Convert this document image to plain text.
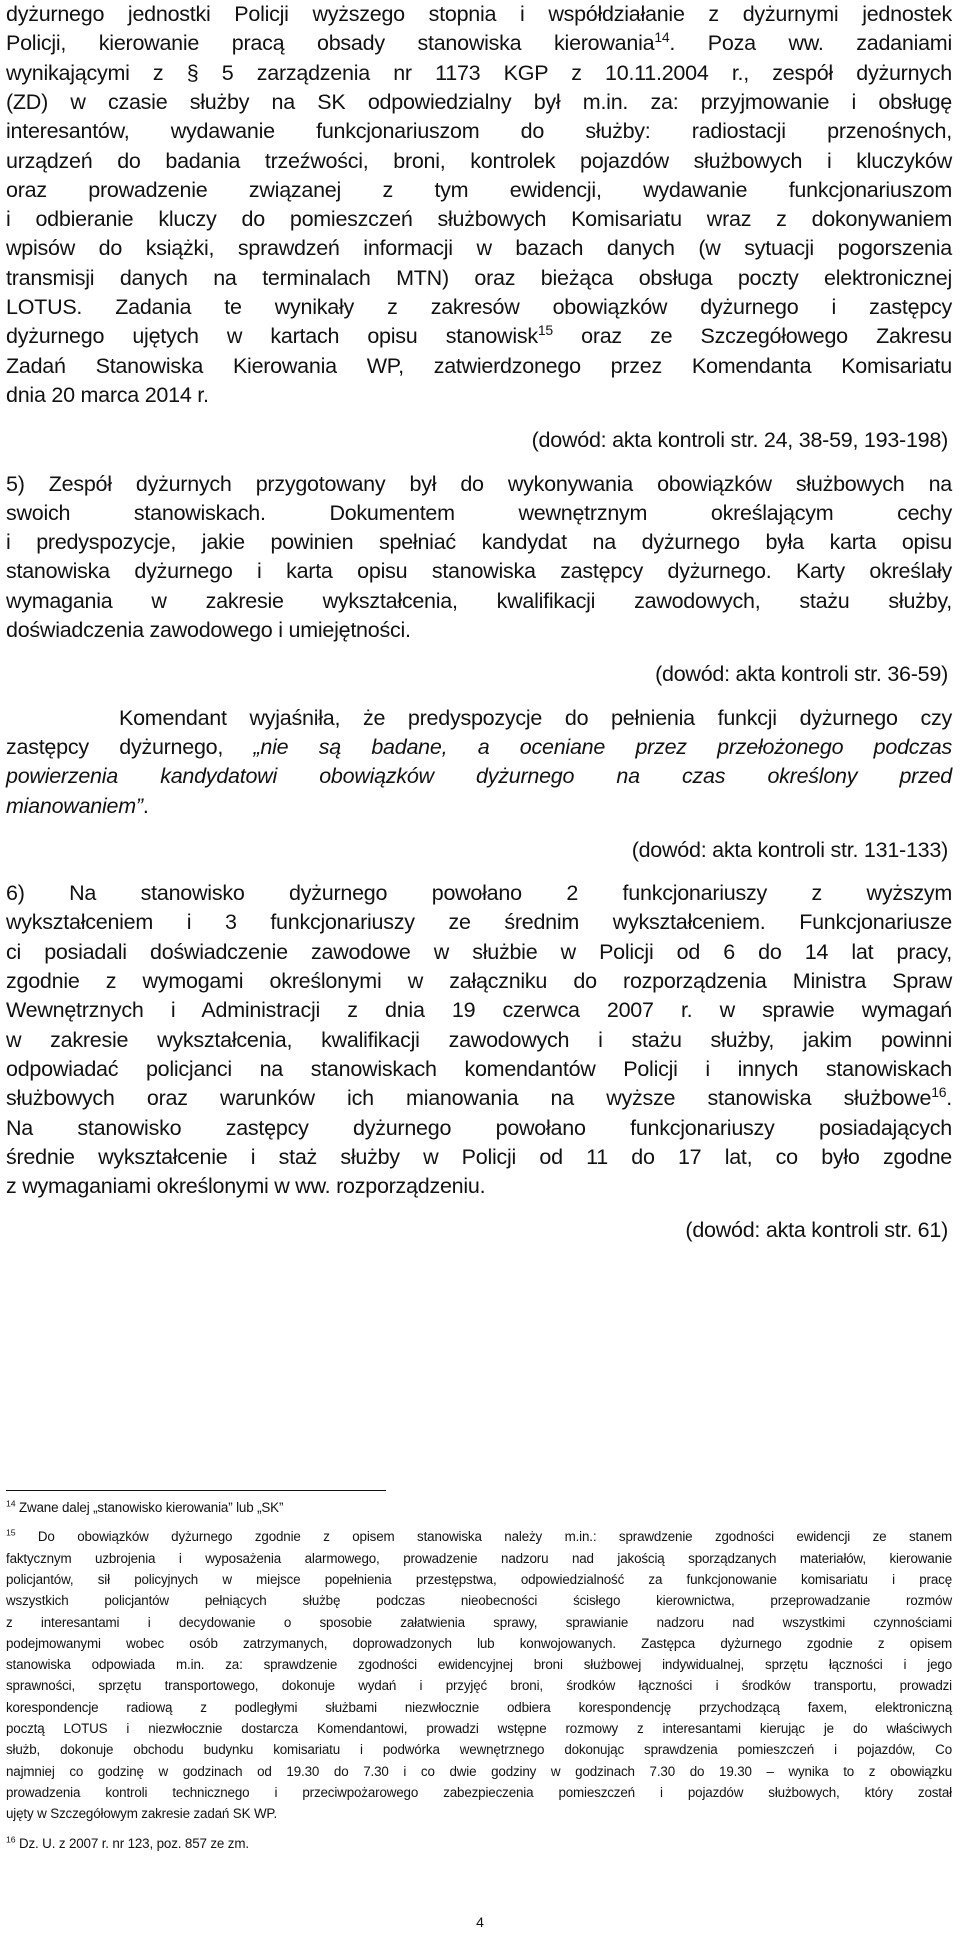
dyżurnego jednostki Policji wyższego stopnia i współdziałanie z dyżurnymi jednostek
Policji, kierowanie pracą obsady stanowiska kierowania$^{14}$. Poza ww. zadaniami
wynikającymi z § 5 zarządzenia nr 1173 KGP z 10.11.2004 r., zespół dyżurnych
(ZD) w czasie służby na SK odpowiedzialny był m.in. za: przyjmowanie i obsługę
interesantów, wydawanie funkcjonariuszom do służby: radiostacji przenośnych,
urządzeń do badania trzeźwości, broni, kontrolek pojazdów służbowych i kluczyków
oraz prowadzenie związanej z tym ewidencji, wydawanie funkcjonariuszom
i odbieranie kluczy do pomieszczeń służbowych Komisariatu wraz z dokonywaniem
wpisów do książki, sprawdzeń informacji w bazach danych (w sytuacji pogorszenia
transmisji danych na terminalach MTN) oraz bieżąca obsługa poczty elektronicznej
LOTUS. Zadania te wynikały z zakresów obowiązków dyżurnego i zastępcy
dyżurnego ujętych w kartach opisu stanowisk$^{15}$ oraz ze Szczegółowego Zakresu
Zadań Stanowiska Kierowania WP, zatwierdzonego przez Komendanta Komisariatu
dnia 20 marca 2014 r.
(dowód: akta kontroli str. 24, 38-59, 193-198)
5) Zespół dyżurnych przygotowany był do wykonywania obowiązków służbowych na
swoich stanowiskach. Dokumentem wewnętrznym określającym cechy
i predyspozycje, jakie powinien spełniać kandydat na dyżurnego była karta opisu
stanowiska dyżurnego i karta opisu stanowiska zastępcy dyżurnego. Karty określały
wymagania w zakresie wykształcenia, kwalifikacji zawodowych, stażu służby,
doświadczenia zawodowego i umiejętności.
(dowód: akta kontroli str. 36-59)
Komendant wyjaśniła, że predyspozycje do pełnienia funkcji dyżurnego czy
zastępcy dyżurnego, „nie są badane, a oceniane przez przełożonego podczas
powierzenia kandydatowi obowiązków dyżurnego na czas określony przed
mianowaniem”.
(dowód: akta kontroli str. 131-133)
6) Na stanowisko dyżurnego powołano 2 funkcjonariuszy z wyższym
wykształceniem i 3 funkcjonariuszy ze średnim wykształceniem. Funkcjonariusze
ci posiadali doświadczenie zawodowe w służbie w Policji od 6 do 14 lat pracy,
zgodnie z wymogami określonymi w załączniku do rozporządzenia Ministra Spraw
Wewnętrznych i Administracji z dnia 19 czerwca 2007 r. w sprawie wymagań
w zakresie wykształcenia, kwalifikacji zawodowych i stażu służby, jakim powinni
odpowiadać policjanci na stanowiskach komendantów Policji i innych stanowiskach
służbowych oraz warunków ich mianowania na wyższe stanowiska służbowe$^{16}$.
Na stanowisko zastępcy dyżurnego powołano funkcjonariuszy posiadających
średnie wykształcenie i staż służby w Policji od 11 do 17 lat, co było zgodne
z wymaganiami określonymi w ww. rozporządzeniu.
(dowód: akta kontroli str. 61)
$^{14}$ Zwane dalej „stanowisko kierowania” lub „SK”
$^{15}$ Do obowiązków dyżurnego zgodnie z opisem stanowiska należy m.in.: sprawdzenie zgodności ewidencji ze stanem
faktycznym uzbrojenia i wyposażenia alarmowego, prowadzenie nadzoru nad jakością sporządzanych materiałów, kierowanie
policjantów, sił policyjnych w miejsce popełnienia przestępstwa, odpowiedzialność za funkcjonowanie komisariatu i pracę
wszystkich policjantów pełniących służbę podczas nieobecności ścisłego kierownictwa, przeprowadzanie rozmów
z interesantami i decydowanie o sposobie załatwienia sprawy, sprawianie nadzoru nad wszystkimi czynnościami
podejmowanymi wobec osób zatrzymanych, doprowadzonych lub konwojowanych. Zastępca dyżurnego zgodnie z opisem
stanowiska odpowiada m.in. za: sprawdzenie zgodności ewidencyjnej broni służbowej indywidualnej, sprzętu łączności i jego
sprawności, sprzętu transportowego, dokonuje wydań i przyjęć broni, środków łączności i środków transportu, prowadzi
korespondencje radiową z podległymi służbami niezwłocznie odbiera korespondencję przychodzącą faxem, elektroniczną
pocztą LOTUS i niezwłocznie dostarcza Komendantowi, prowadzi wstępne rozmowy z interesantami kierując je do właściwych
służb, dokonuje obchodu budynku komisariatu i podwórka wewnętrznego dokonując sprawdzenia pomieszczeń i pojazdów, Co
najmniej co godzinę w godzinach od 19.30 do 7.30 i co dwie godziny w godzinach 7.30 do 19.30 – wynika to z obowiązku
prowadzenia kontroli technicznego i przeciwpożarowego zabezpieczenia pomieszczeń i pojazdów służbowych, który został
ujęty w Szczegółowym zakresie zadań SK WP.
$^{16}$ Dz. U. z 2007 r. nr 123, poz. 857 ze zm.
4
